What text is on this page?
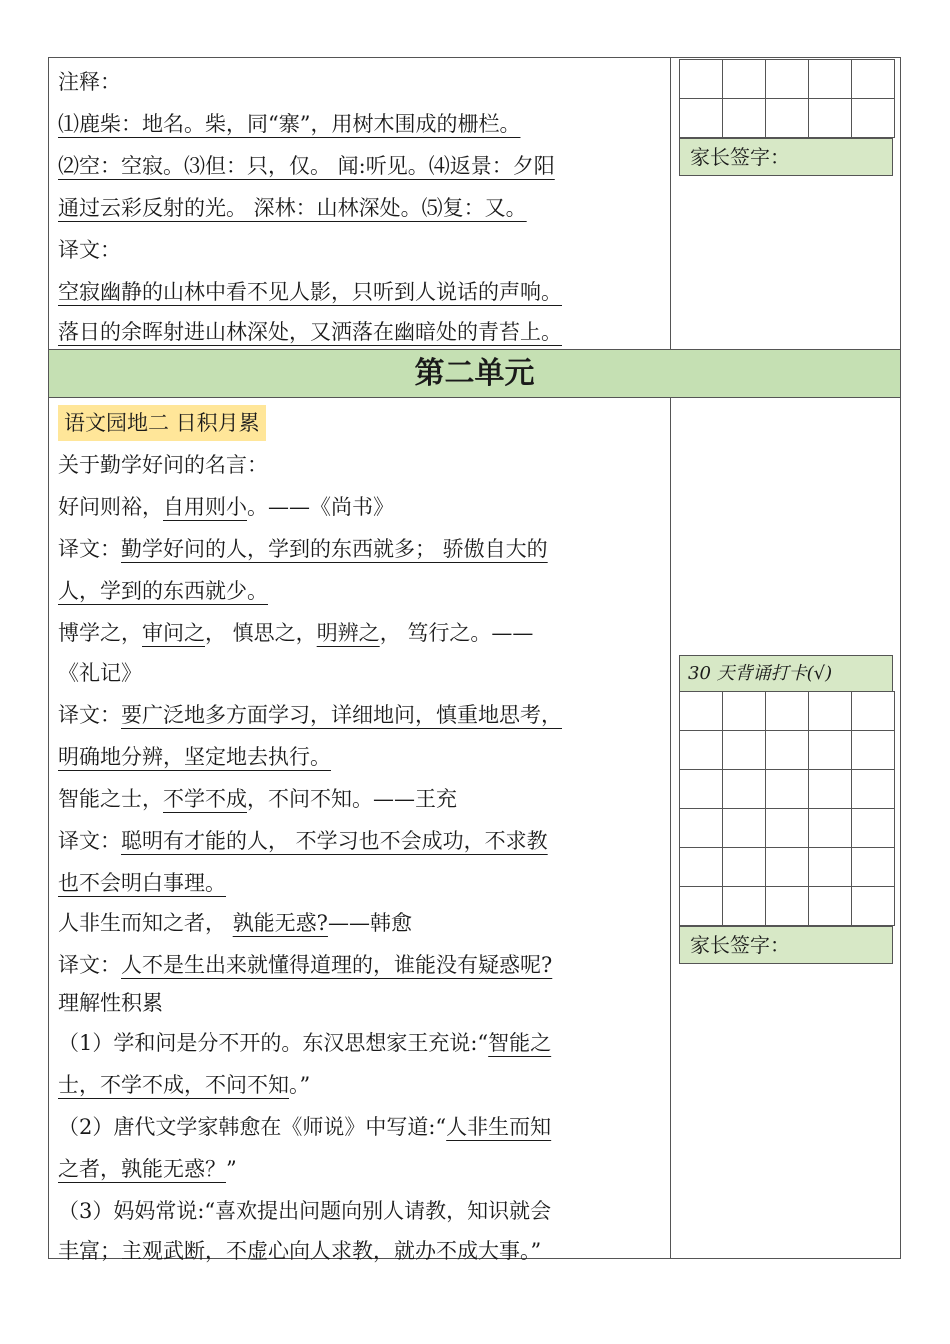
注释：
⑴鹿柴：地名。柴，同“寨”，用树木围成的栅栏。
⑵空：空寂。⑶但：只，仅。 闻:听见。⑷返景：夕阳
通过云彩反射的光。 深林：山林深处。⑸复：又。
译文：
空寂幽静的山林中看不见人影，只听到人说话的声响。
落日的余晖射进山林深处，又洒落在幽暗处的青苔上。

家长签字：
第二单元
语文园地二 日积月累
关于勤学好问的名言：
好问则裕，自用则小。——《尚书》
译文：勤学好问的人，学到的东西就多； 骄傲自大的
人，学到的东西就少。
博学之，审问之， 慎思之，明辨之， 笃行之。——
《礼记》
译文：要广泛地多方面学习，详细地问，慎重地思考，
明确地分辨，坚定地去执行。
智能之士，不学不成，不问不知。——王充
译文：聪明有才能的人， 不学习也不会成功，不求教
也不会明白事理。
人非生而知之者， 孰能无惑?——韩愈
译文：人不是生出来就懂得道理的，谁能没有疑惑呢?
理解性积累
（1）学和问是分不开的。东汉思想家王充说:“智能之
士，不学不成，不问不知。”
（2）唐代文学家韩愈在《师说》中写道:“人非生而知
之者，孰能无惑？”
（3）妈妈常说:“喜欢提出问题向别人请教，知识就会
丰富；主观武断，不虚心向人求教，就办不成大事。”
30 天背诵打卡(√)

家长签字：
